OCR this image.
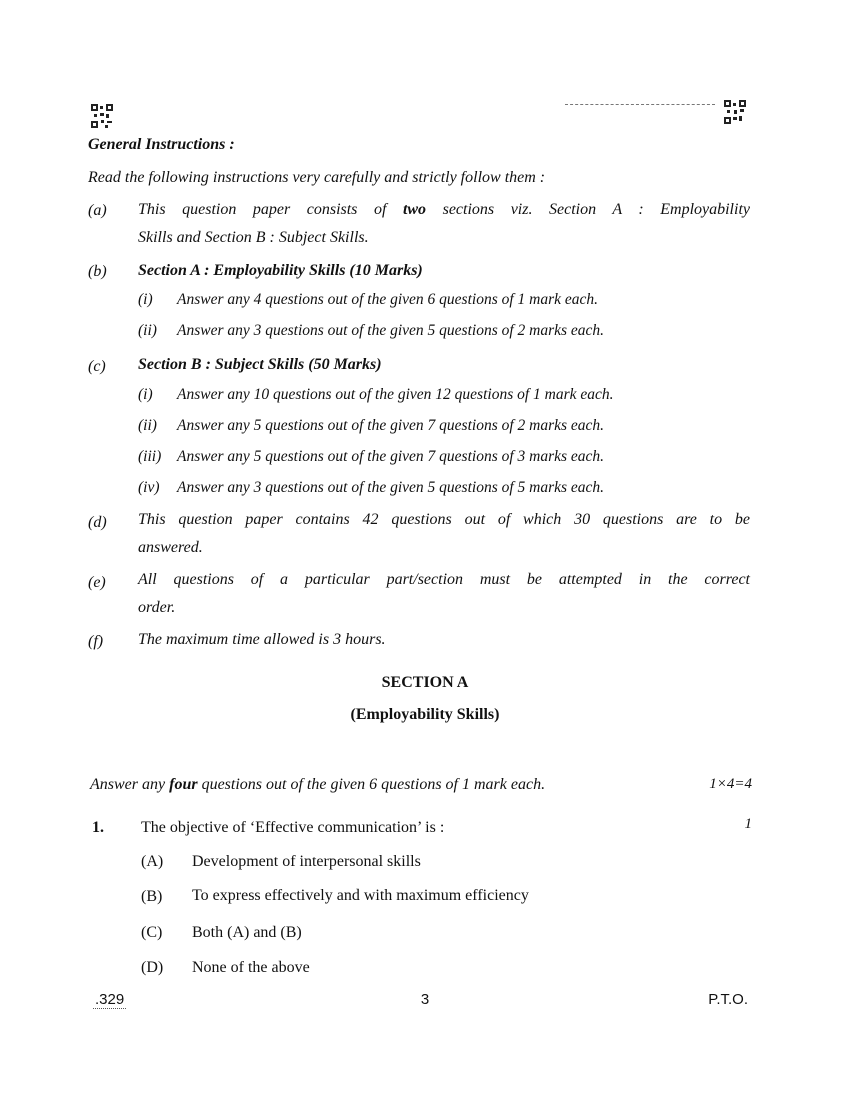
General Instructions :
Read the following instructions very carefully and strictly follow them :
(a) This question paper consists of two sections viz. Section A : Employability
Skills and Section B : Subject Skills.
(b) Section A : Employability Skills (10 Marks)
(i) Answer any 4 questions out of the given 6 questions of 1 mark each.
(ii) Answer any 3 questions out of the given 5 questions of 2 marks each.
(c) Section B : Subject Skills (50 Marks)
(i) Answer any 10 questions out of the given 12 questions of 1 mark each.
(ii) Answer any 5 questions out of the given 7 questions of 2 marks each.
(iii) Answer any 5 questions out of the given 7 questions of 3 marks each.
(iv) Answer any 3 questions out of the given 5 questions of 5 marks each.
(d) This question paper contains 42 questions out of which 30 questions are to be
answered.
(e) All questions of a particular part/section must be attempted in the correct
order.
(f) The maximum time allowed is 3 hours.
SECTION A
(Employability Skills)
Answer any four questions out of the given 6 questions of 1 mark each.	1×4=4
1. The objective of ‘Effective communication’ is :	1
(A) Development of interpersonal skills
(B) To express effectively and with maximum efficiency
(C) Both (A) and (B)
(D) None of the above
.329	3	P.T.O.
